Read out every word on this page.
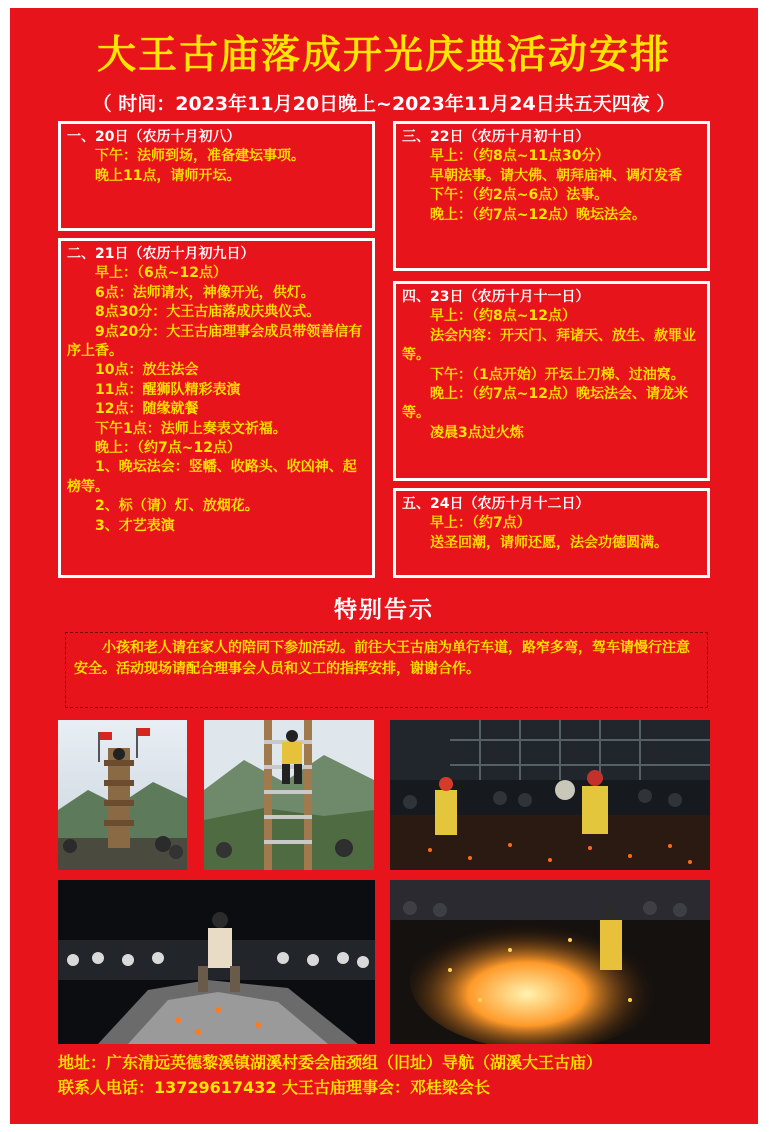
大王古庙落成开光庆典活动安排
（ 时间：2023年11月20日晚上~2023年11月24日共五天四夜 ）

一、20日（农历十月初八）

下午：法师到场，准备建坛事项。

晚上11点，请师开坛。

二、21日（农历十月初九日）

早上：（6点~12点）

6点：法师请水，神像开光，供灯。

8点30分：大王古庙落成庆典仪式。

9点20分：大王古庙理事会成员带领善信有序上香。

10点：放生法会

11点：醒狮队精彩表演

12点：随缘就餐

下午1点：法师上奏表文祈福。

晚上：（约7点~12点）

1、晚坛法会：竖幡、收路头、收凶神、起榜等。

2、标（请）灯、放烟花。

3、才艺表演

三、22日（农历十月初十日）

早上：（约8点~11点30分）

早朝法事。请大佛、朝拜庙神、调灯发香

下午：（约2点~6点）法事。

晚上：（约7点~12点）晚坛法会。

四、23日（农历十月十一日）

早上：（约8点~12点）

法会内容：开天门、拜诸天、放生、赦罪业等。

下午：（1点开始）开坛上刀梯、过油窝。

晚上：（约7点~12点）晚坛法会、请龙米等。

凌晨3点过火炼

五、24日（农历十月十二日）

早上：（约7点）

送圣回潮，请师还愿，法会功德圆满。

特别告示
小孩和老人请在家人的陪同下参加活动。前往大王古庙为单行车道，路窄多弯，驾车请慢行注意安全。活动现场请配合理事会人员和义工的指挥安排，谢谢合作。
地址：广东清远英德黎溪镇湖溪村委会庙颈组（旧址）导航（湖溪大王古庙）
联系人电话：13729617432 大王古庙理事会：邓桂梁会长
